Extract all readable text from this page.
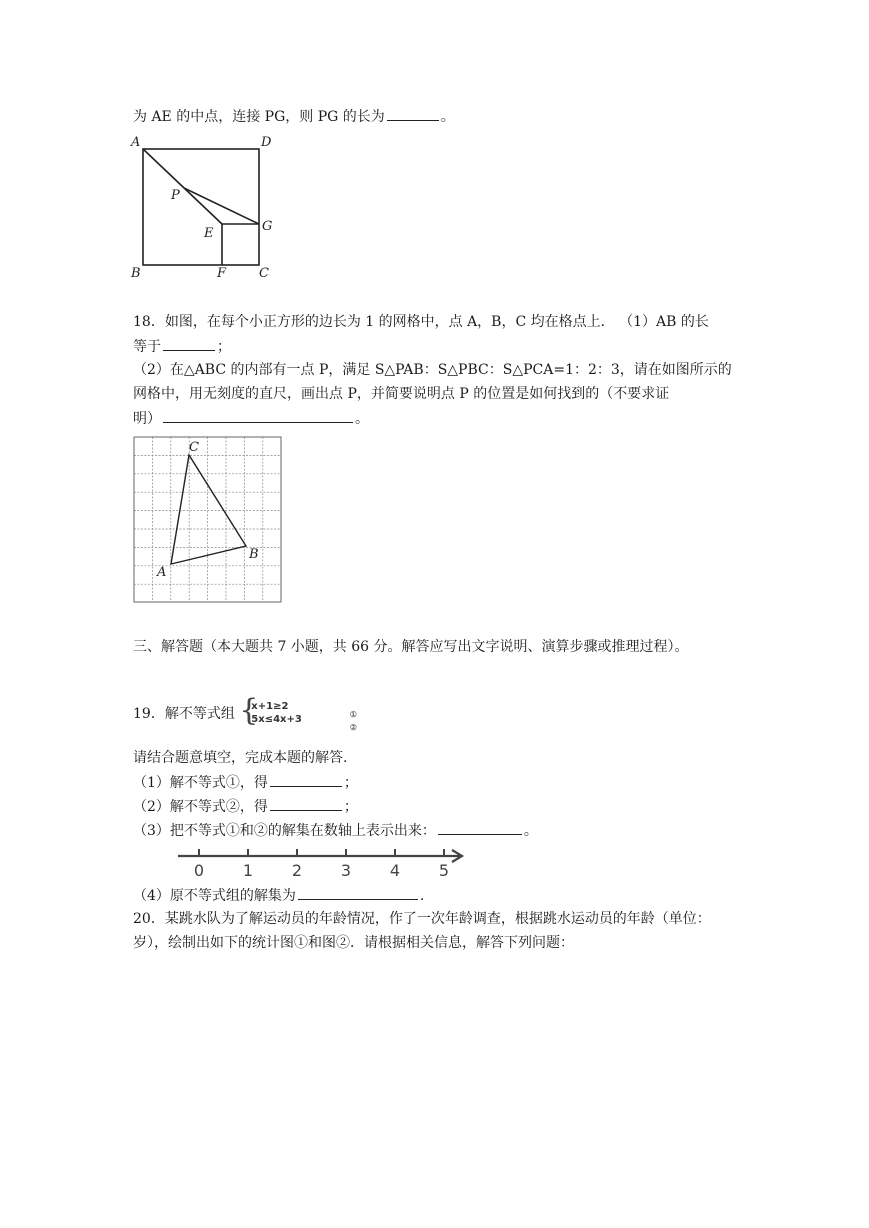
为 AE 的中点，连接 PG，则 PG 的长为	。
A	D
P
E	G
B	F	C
18．如图，在每个小正方形的边长为 1 的网格中，点 A，B，C 均在格点上． （1）AB 的长
等于	；
（2）在△ABC 的内部有一点 P，满足 S△PAB：S△PBC：S△PCA=1：2：3，请在如图所示的
网格中，用无刻度的直尺，画出点 P，并简要说明点 P 的位置是如何找到的（不要求证
明）	。
A
B
C
三、解答题（本大题共 7 小题，共 66 分。解答应写出文字说明、演算步骤或推理过程）。
19．解不等式组 {
x+1≥2
5x≤4x+3
	①
②
请结合题意填空，完成本题的解答.
（1）解不等式①，得	；
（2）解不等式②，得	；
（3）把不等式①和②的解集在数轴上表示出来：	。
0 1 2 3 4 5
（4）原不等式组的解集为	.
20．某跳水队为了解运动员的年龄情况，作了一次年龄调查，根据跳水运动员的年龄（单位：
岁），绘制出如下的统计图①和图②．请根据相关信息，解答下列问题：
